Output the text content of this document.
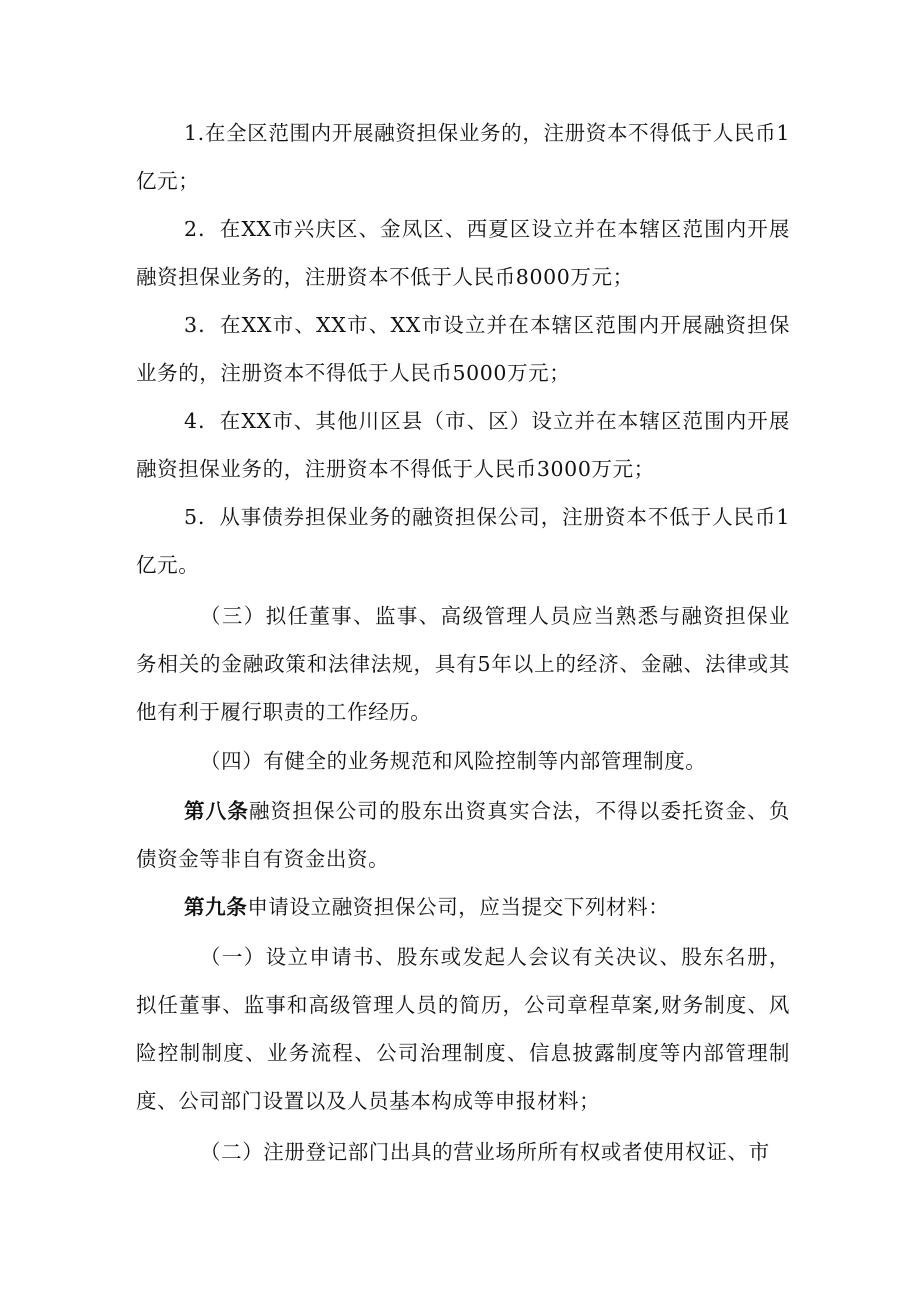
1.在全区范围内开展融资担保业务的，注册资本不得低于人民币1亿元；

2．在XX市兴庆区、金凤区、西夏区设立并在本辖区范围内开展融资担保业务的，注册资本不低于人民币8000万元；

3．在XX市、XX市、XX市设立并在本辖区范围内开展融资担保业务的，注册资本不得低于人民币5000万元；

4．在XX市、其他川区县（市、区）设立并在本辖区范围内开展融资担保业务的，注册资本不得低于人民币3000万元；

5．从事债券担保业务的融资担保公司，注册资本不低于人民币1亿元。

（三）拟任董事、监事、高级管理人员应当熟悉与融资担保业务相关的金融政策和法律法规，具有5年以上的经济、金融、法律或其他有利于履行职责的工作经历。

（四）有健全的业务规范和风险控制等内部管理制度。

第八条融资担保公司的股东出资真实合法，不得以委托资金、负债资金等非自有资金出资。

第九条申请设立融资担保公司，应当提交下列材料：

（一）设立申请书、股东或发起人会议有关决议、股东名册，拟任董事、监事和高级管理人员的简历，公司章程草案,财务制度、风险控制制度、业务流程、公司治理制度、信息披露制度等内部管理制度、公司部门设置以及人员基本构成等申报材料；

（二）注册登记部门出具的营业场所所有权或者使用权证、市
